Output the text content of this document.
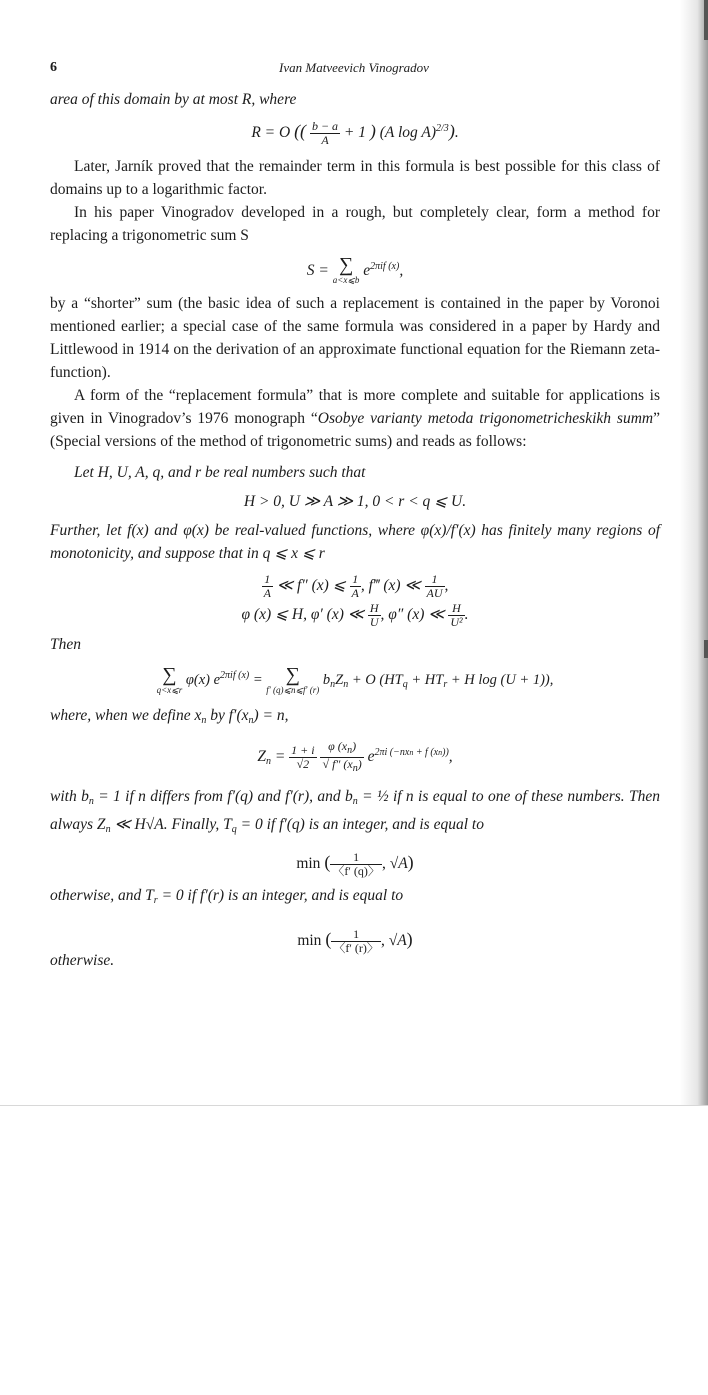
6	Ivan Matveevich Vinogradov

area of this domain by at most R, where

R = O (( $\frac{b - a}{A} + 1$ ) (A log A)$^{2/3}$).

Later, Jarník proved that the remainder term in this formula is best possible for this class of domains up to a logarithmic factor.

In his paper Vinogradov developed in a rough, but completely clear, form a method for replacing a trigonometric sum S

S = ∑
a<x⩽b
$e^{2\pi if (x)}$,

by a “shorter” sum (the basic idea of such a replacement is contained in the paper by Voronoi mentioned earlier; a special case of the same formula was considered in a paper by Hardy and Littlewood in 1914 on the derivation of an approximate functional equation for the Riemann zeta-function).

A form of the “replacement formula” that is more complete and suitable for applications is given in Vinogradov’s 1976 monograph “Osobye varianty metoda trigonometricheskikh summ” (Special versions of the method of trigonometric sums) and reads as follows:

Let H, U, A, q, and r be real numbers such that

H > 0, U ≫ A ≫ 1, 0 < r < q ⩽ U.

Further, let f(x) and φ(x) be real-valued functions, where φ(x)/f′(x) has finitely many regions of monotonicity, and suppose that in q ⩽ x ⩽ r

$\frac{1}{A}$ ≪ f″ (x) ⩽ $\frac{1}{A}$ , f‴ (x) ≪ $\frac{1}{AU}$ ,
φ (x) ⩽ H, φ′ (x) ≪ $\frac{H}{U}$ , φ″ (x) ≪ $\frac{H}{\text{U²}}$ .

Then

∑
q<x⩽r
φ(x) $e^{2\pi if (x)}$ =	∑
f′ (q)⩽n⩽f′ (r)
$b_nZ_n + O$ ($HT_q + HT_r + H$ log (U + 1)),

where, when we define $x_n$ by $f'(x_n) = n$,

$Z_n = \frac{1 + i}{√2}$
$\frac{\varphi (x_n)}{√ f'' (x_n)} e^{2\pi i (-nxn + f (xn))}$,

with $b_n = 1$ if n differs from f′(q) and f′(r), and $b_n$ = ½ if n is equal to one of these numbers. Then always $Z_n$ ≪ H√A. Finally, $T_q = 0$ if f′(q) is an integer, and is equal to

min ( $\frac{1}{〈f' (q)〉}$ , √A)

otherwise, and $T_r = 0$ if f′(r) is an integer, and is equal to

min ( $\frac{1}{〈f' (r)〉}$ , √A)

otherwise.
